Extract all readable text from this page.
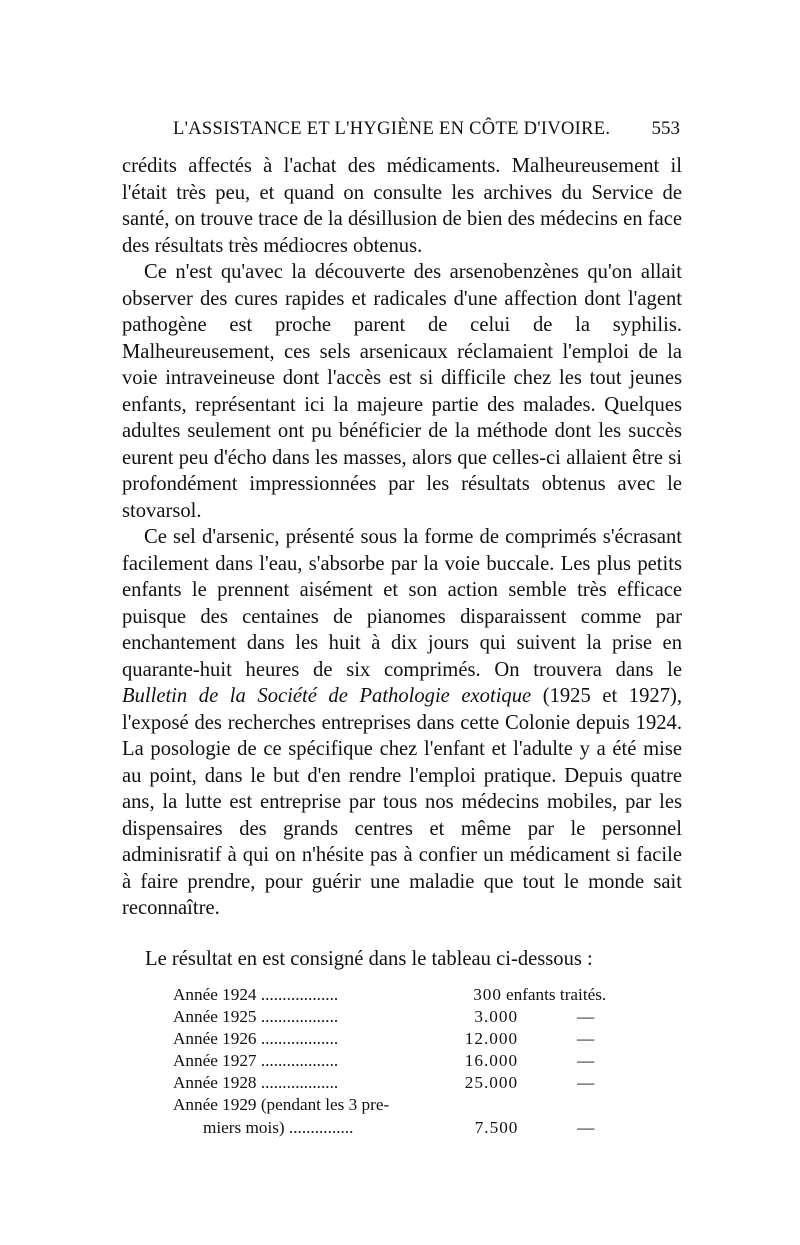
L'ASSISTANCE ET L'HYGIÈNE EN CÔTE D'IVOIRE. 553

crédits affectés à l'achat des médicaments. Malheureusement il l'était très peu, et quand on consulte les archives du Service de santé, on trouve trace de la désillusion de bien des médecins en face des résultats très médiocres obtenus.

Ce n'est qu'avec la découverte des arsenobenzènes qu'on allait observer des cures rapides et radicales d'une affection dont l'agent pathogène est proche parent de celui de la syphilis. Malheureusement, ces sels arsenicaux réclamaient l'emploi de la voie intraveineuse dont l'accès est si difficile chez les tout jeunes enfants, représentant ici la majeure partie des malades. Quelques adultes seulement ont pu bénéficier de la méthode dont les succès eurent peu d'écho dans les masses, alors que celles-ci allaient être si profondément impressionnées par les résultats obtenus avec le stovarsol.

Ce sel d'arsenic, présenté sous la forme de comprimés s'écrasant facilement dans l'eau, s'absorbe par la voie buccale. Les plus petits enfants le prennent aisément et son action semble très efficace puisque des centaines de pianomes disparaissent comme par enchantement dans les huit à dix jours qui suivent la prise en quarante-huit heures de six comprimés. On trouvera dans le Bulletin de la Société de Pathologie exotique (1925 et 1927), l'exposé des recherches entreprises dans cette Colonie depuis 1924. La posologie de ce spécifique chez l'enfant et l'adulte y a été mise au point, dans le but d'en rendre l'emploi pratique. Depuis quatre ans, la lutte est entreprise par tous nos médecins mobiles, par les dispensaires des grands centres et même par le personnel adminisratif à qui on n'hésite pas à confier un médicament si facile à faire prendre, pour guérir une maladie que tout le monde sait reconnaître.

Le résultat en est consigné dans le tableau ci-dessous :
Année 1924 ..................	300 enfants traités.
Année 1925 ..................	3.000	—
Année 1926 ..................	12.000	—
Année 1927 ..................	16.000	—
Année 1928 ..................	25.000	—
Année 1929 (pendant les 3 pre-
miers mois) ...............	7.500	—
